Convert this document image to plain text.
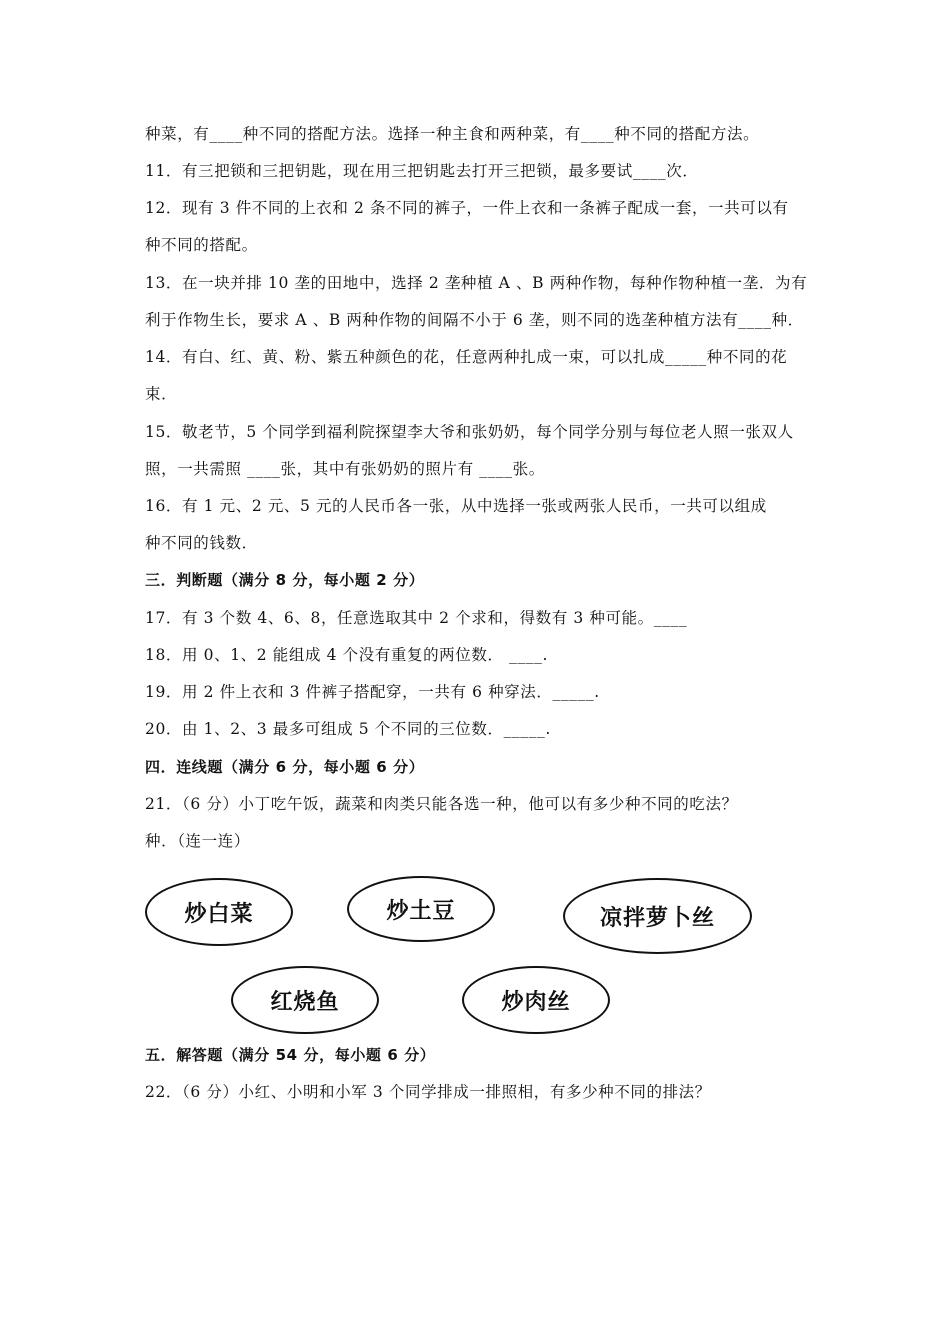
种菜，有____种不同的搭配方法。选择一种主食和两种菜，有____种不同的搭配方法。
11．有三把锁和三把钥匙，现在用三把钥匙去打开三把锁，最多要试____次．
12．现有 3 件不同的上衣和 2 条不同的裤子，一件上衣和一条裤子配成一套，一共可以有
种不同的搭配。
13．在一块并排 10 垄的田地中，选择 2 垄种植 A 、B 两种作物，每种作物种植一垄．为有
利于作物生长，要求 A 、B 两种作物的间隔不小于 6 垄，则不同的选垄种植方法有____种．
14．有白、红、黄、粉、紫五种颜色的花，任意两种扎成一束，可以扎成_____种不同的花
束．
15．敬老节，5 个同学到福利院探望李大爷和张奶奶，每个同学分别与每位老人照一张双人
照，一共需照 ____张，其中有张奶奶的照片有 ____张。
16．有 1 元、2 元、5 元的人民币各一张，从中选择一张或两张人民币，一共可以组成
种不同的钱数．
三．判断题（满分 8 分，每小题 2 分）
17．有 3 个数 4、6、8，任意选取其中 2 个求和，得数有 3 种可能。____
18．用 0、1、2 能组成 4 个没有重复的两位数． ____.
19．用 2 件上衣和 3 件裤子搭配穿，一共有 6 种穿法．_____.
20．由 1、2、3 最多可组成 5 个不同的三位数．_____.
四．连线题（满分 6 分，每小题 6 分）
21．（6 分）小丁吃午饭，蔬菜和肉类只能各选一种，他可以有多少种不同的吃法？
种．（连一连）
炒白菜	炒土豆	凉拌萝卜丝
红烧鱼	炒肉丝
五．解答题（满分 54 分，每小题 6 分）
22．（6 分）小红、小明和小军 3 个同学排成一排照相，有多少种不同的排法？
